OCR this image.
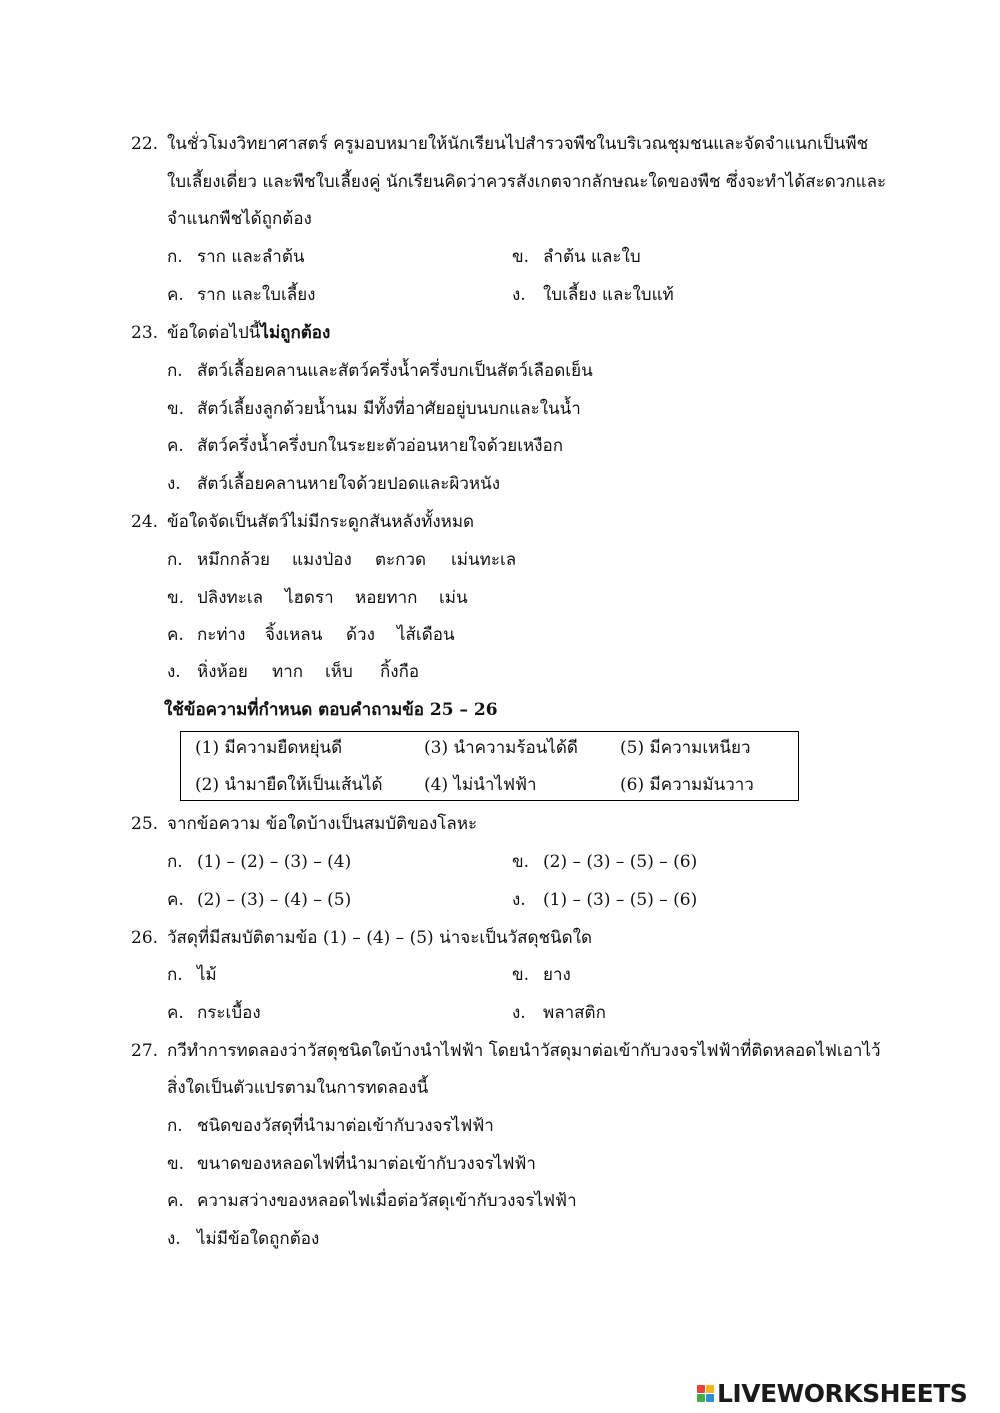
22. ในชั่วโมงวิทยาศาสตร์ ครูมอบหมายให้นักเรียนไปสำรวจพืชในบริเวณชุมชนและจัดจำแนกเป็นพืช
ใบเลี้ยงเดี่ยว และพืชใบเลี้ยงคู่ นักเรียนคิดว่าควรสังเกตจากลักษณะใดของพืช ซึ่งจะทำได้สะดวกและ
จำแนกพืชได้ถูกต้อง
ก. ราก และลำต้น	ข. ลำต้น และใบ
ค. ราก และใบเลี้ยง	ง. ใบเลี้ยง และใบแท้
23. ข้อใดต่อไปนี้ไม่ถูกต้อง
ก. สัตว์เลื้อยคลานและสัตว์ครึ่งน้ำครึ่งบกเป็นสัตว์เลือดเย็น
ข. สัตว์เลี้ยงลูกด้วยน้ำนม มีทั้งที่อาศัยอยู่บนบกและในน้ำ
ค. สัตว์ครึ่งน้ำครึ่งบกในระยะตัวอ่อนหายใจด้วยเหงือก
ง. สัตว์เลื้อยคลานหายใจด้วยปอดและผิวหนัง
24. ข้อใดจัดเป็นสัตว์ไม่มีกระดูกสันหลังทั้งหมด
ก. หมึกกล้วย แมงป่อง ตะกวด เม่นทะเล
ข. ปลิงทะเล ไฮดรา หอยทาก เม่น
ค. กะท่าง จิ้งเหลน ด้วง ไส้เดือน
ง. หิ่งห้อย ทาก เห็บ กิ้งกือ
ใช้ข้อความที่กำหนด ตอบคำถามข้อ 25 – 26
(1) มีความยืดหยุ่นดี	(3) นำความร้อนได้ดี (5) มีความเหนียว
(2) นำมายืดให้เป็นเส้นได้ (4) ไม่นำไฟฟ้า	(6) มีความมันวาว
25. จากข้อความ ข้อใดบ้างเป็นสมบัติของโลหะ
ก. (1) – (2) – (3) – (4)	ข. (2) – (3) – (5) – (6)
ค. (2) – (3) – (4) – (5)	ง. (1) – (3) – (5) – (6)
26. วัสดุที่มีสมบัติตามข้อ (1) – (4) – (5) น่าจะเป็นวัสดุชนิดใด
ก. ไม้	ข. ยาง
ค. กระเบื้อง	ง. พลาสติก
27. กวีทำการทดลองว่าวัสดุชนิดใดบ้างนำไฟฟ้า โดยนำวัสดุมาต่อเข้ากับวงจรไฟฟ้าที่ติดหลอดไฟเอาไว้
สิ่งใดเป็นตัวแปรตามในการทดลองนี้
ก. ชนิดของวัสดุที่นำมาต่อเข้ากับวงจรไฟฟ้า
ข. ขนาดของหลอดไฟที่นำมาต่อเข้ากับวงจรไฟฟ้า
ค. ความสว่างของหลอดไฟเมื่อต่อวัสดุเข้ากับวงจรไฟฟ้า
ง. ไม่มีข้อใดถูกต้อง
LIVEWORKSHEETS
